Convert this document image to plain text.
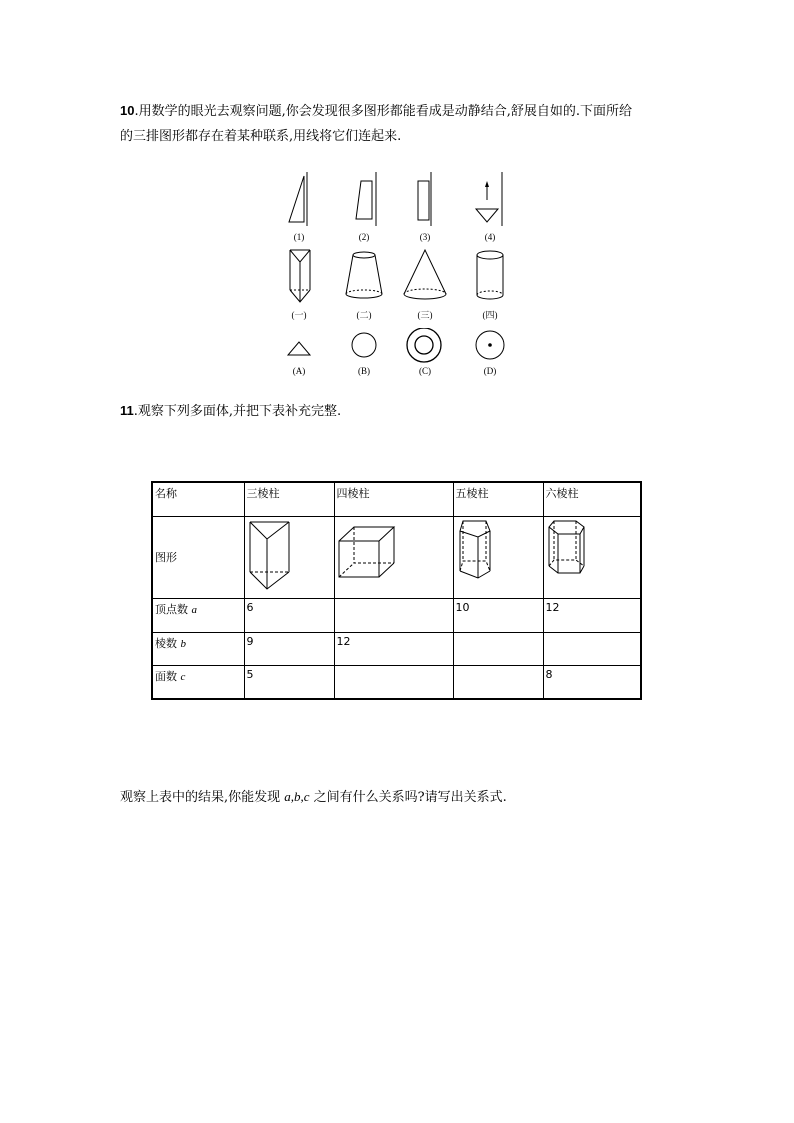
10.用数学的眼光去观察问题,你会发现很多图形都能看成是动静结合,舒展自如的.下面所给

的三排图形都存在着某种联系,用线将它们连起来.

(1)	(2)	(3)	(4)
(一)	(二)	(三)	(四)
(A)	(B)	(C)	(D)

11.观察下列多面体,并把下表补充完整.

名称	三棱柱	四棱柱	五棱柱	六棱柱
图形				
顶点数 a	6		10	12
棱数 b	9	12		
面数 c	5			8

观察上表中的结果,你能发现 a,b,c 之间有什么关系吗?请写出关系式.
